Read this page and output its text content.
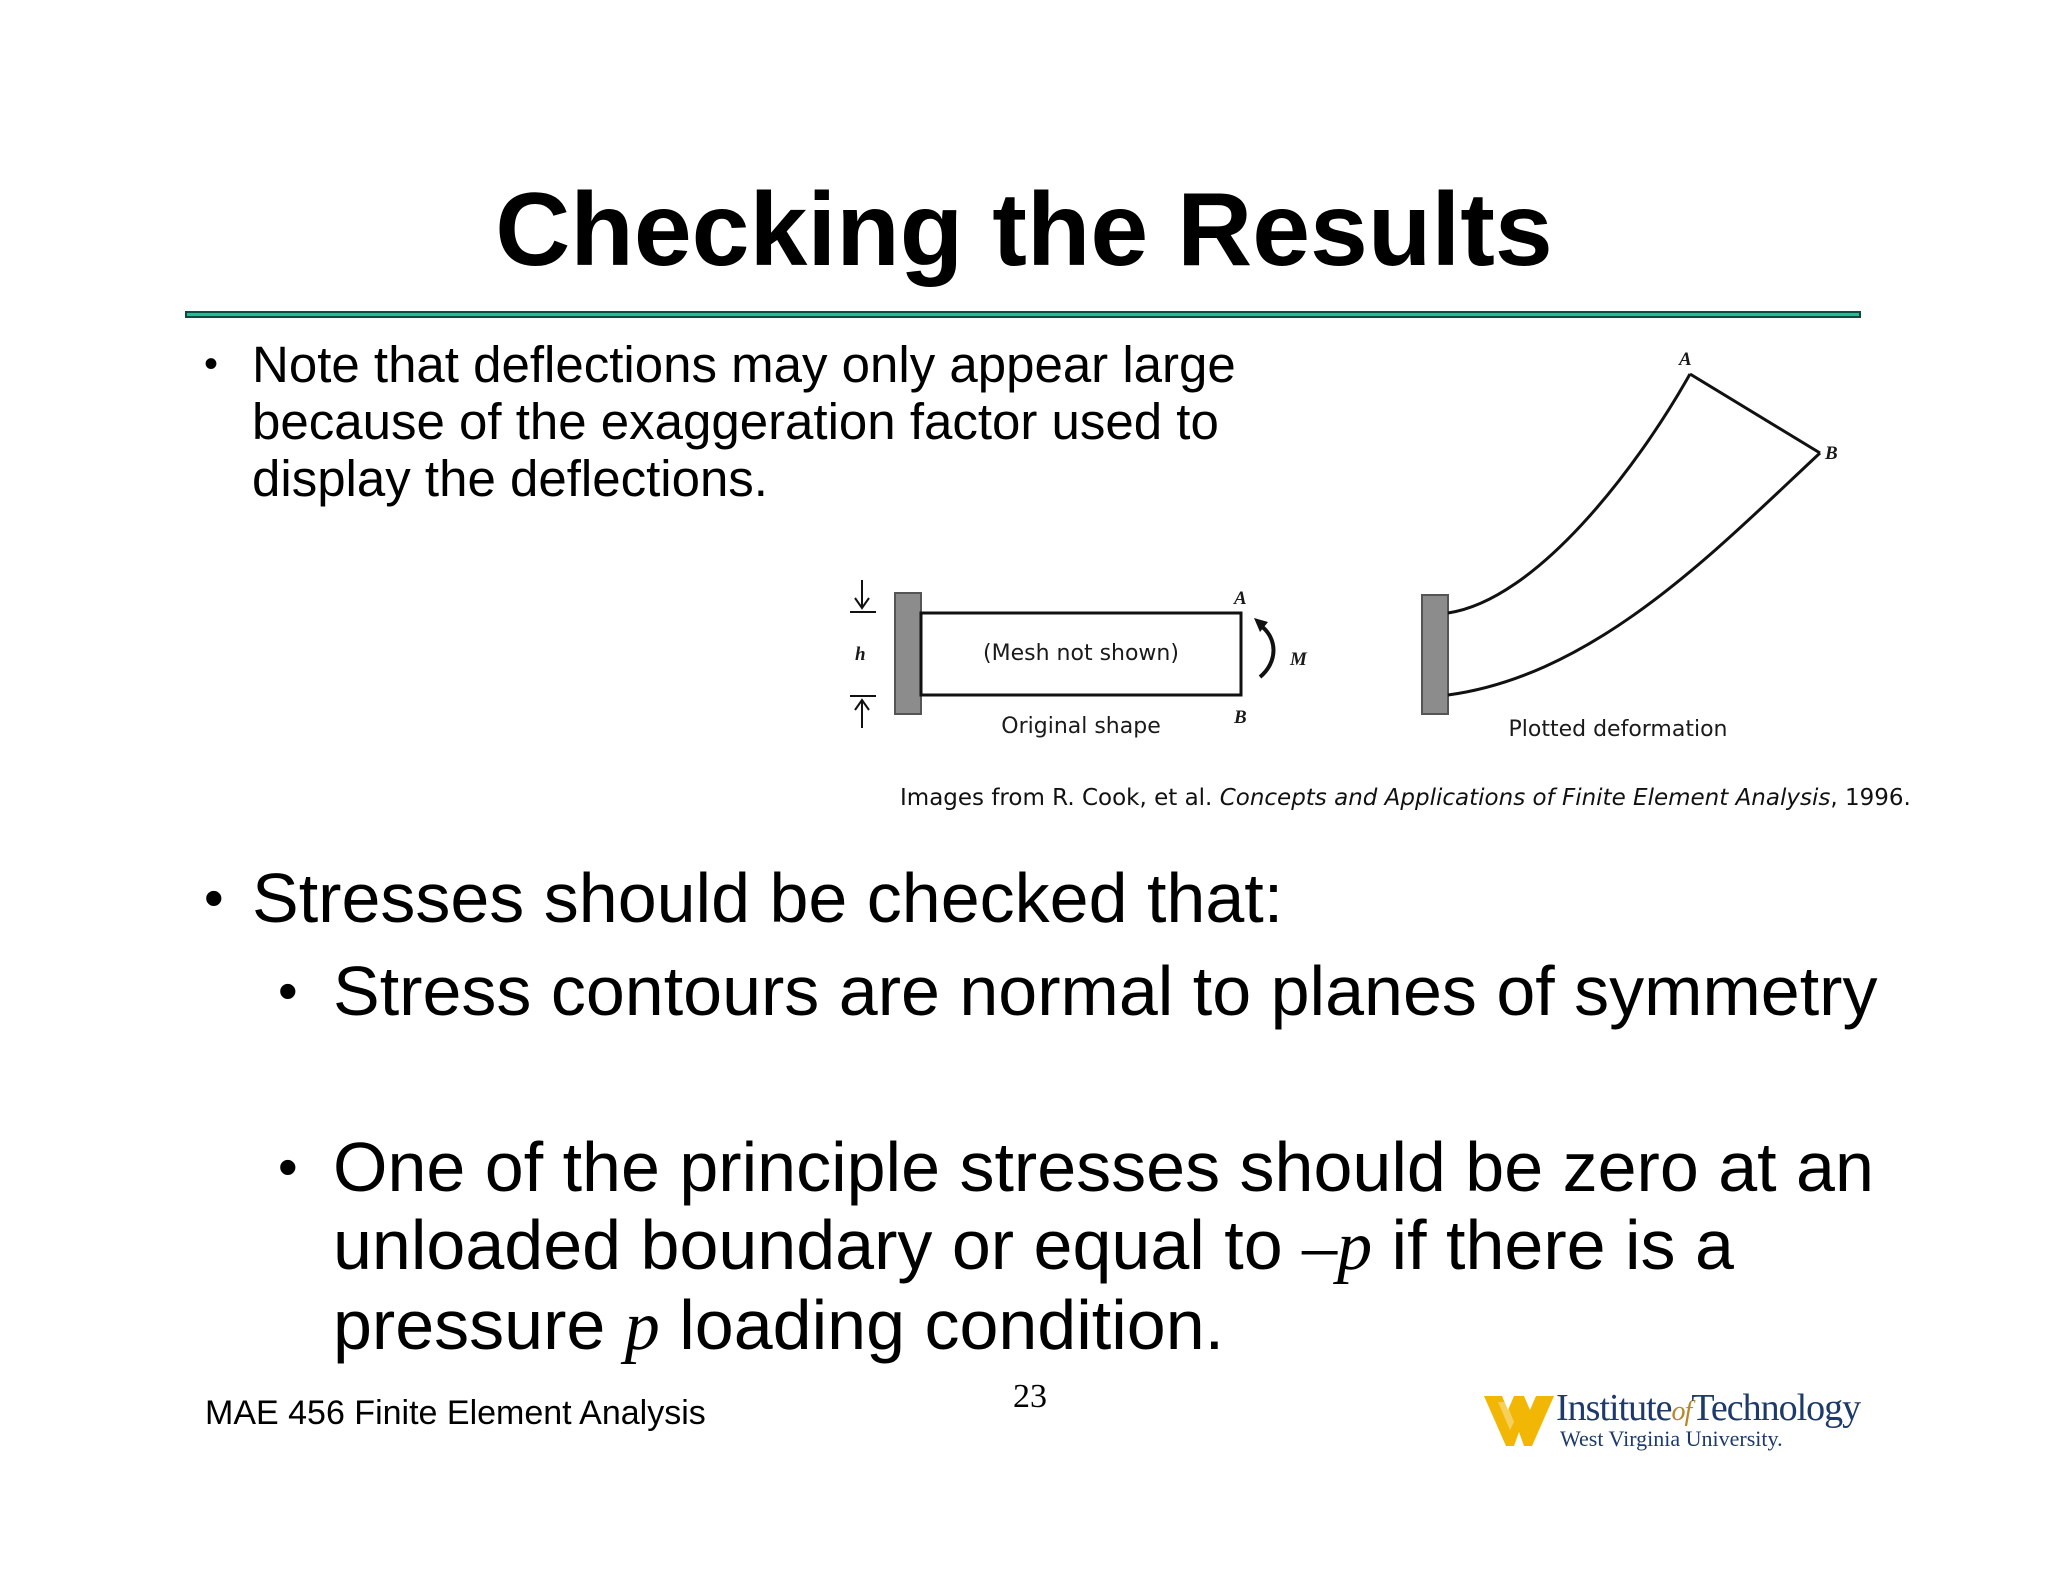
Checking the Results
• Note that deflections may only appear large because of the exaggeration factor used to display the deflections.
h	(Mesh not shown)
Original shape
A
B
M
A
B
Plotted deformation
Images from R. Cook, et al. Concepts and Applications of Finite Element Analysis, 1996.
• Stresses should be checked that:
• Stress contours are normal to planes of symmetry
• One of the principle stresses should be zero at an unloaded boundary or equal to –p if there is a pressure p loading condition.
MAE 456 Finite Element Analysis	23	InstituteofTechnology
West Virginia University.
